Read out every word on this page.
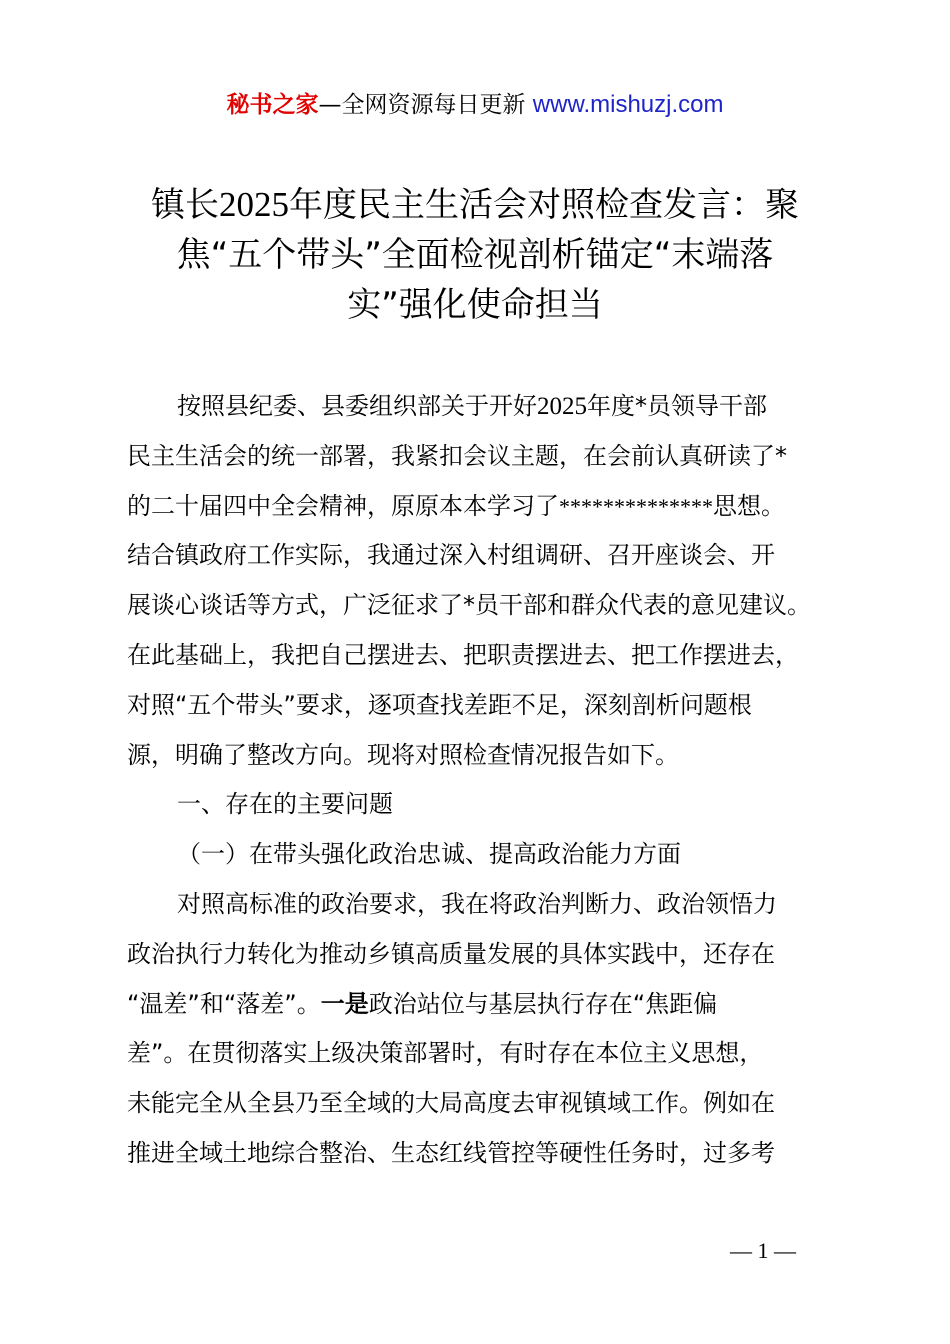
秘书之家—全网资源每日更新 www.mishuzj.com
镇长2025年度民主生活会对照检查发言：聚
焦“五个带头”全面检视剖析锚定“末端落
实”强化使命担当
按照县纪委、县委组织部关于开好2025年度*员领导干部
民主生活会的统一部署，我紧扣会议主题，在会前认真研读了*
的二十届四中全会精神，原原本本学习了**************思想。
结合镇政府工作实际，我通过深入村组调研、召开座谈会、开
展谈心谈话等方式，广泛征求了*员干部和群众代表的意见建议。
在此基础上，我把自己摆进去、把职责摆进去、把工作摆进去，
对照“五个带头”要求，逐项查找差距不足，深刻剖析问题根
源，明确了整改方向。现将对照检查情况报告如下。
一、存在的主要问题
（一）在带头强化政治忠诚、提高政治能力方面
对照高标准的政治要求，我在将政治判断力、政治领悟力
政治执行力转化为推动乡镇高质量发展的具体实践中，还存在
“温差”和“落差”。一是政治站位与基层执行存在“焦距偏
差”。在贯彻落实上级决策部署时，有时存在本位主义思想，
未能完全从全县乃至全域的大局高度去审视镇域工作。例如在
推进全域土地综合整治、生态红线管控等硬性任务时，过多考
— 1 —
